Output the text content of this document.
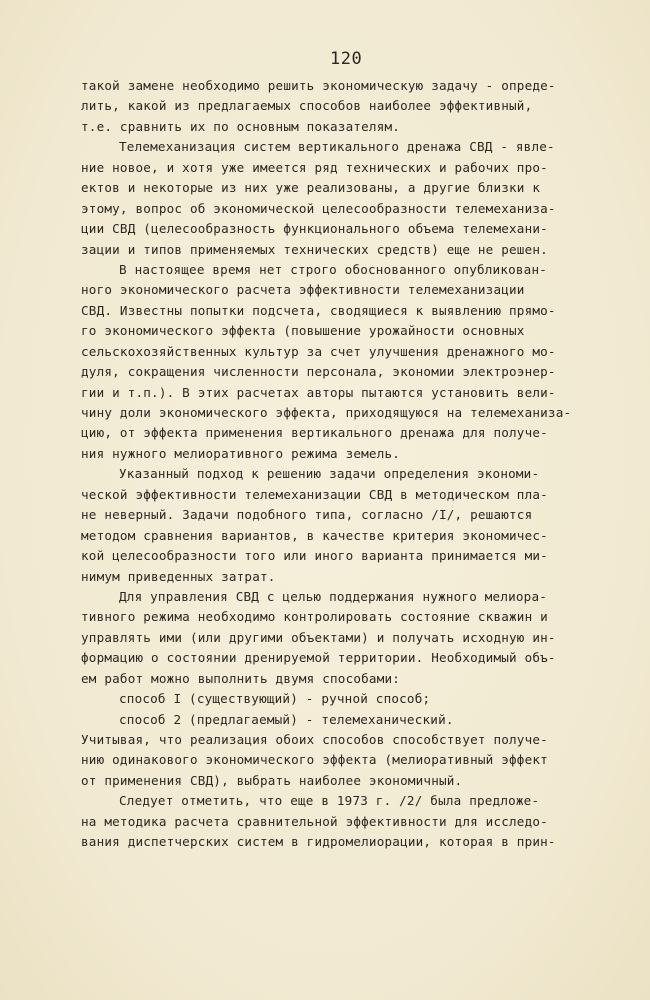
120
такой замене необходимо решить экономическую задачу - опреде-
лить, какой из предлагаемых способов наиболее эффективный,
т.е. сравнить их по основным показателям.
Телемеханизация систем вертикального дренажа СВД - явле-
ние новое, и хотя уже имеется ряд технических и рабочих про-
ектов и некоторые из них уже реализованы, а другие близки к
этому, вопрос об экономической целесообразности телемеханиза-
ции СВД (целесообразность функционального объема телемехани-
зации и типов применяемых технических средств) еще не решен.
В настоящее время нет строго обоснованного опубликован-
ного экономического расчета эффективности телемеханизации
СВД. Известны попытки подсчета, сводящиеся к выявлению прямо-
го экономического эффекта (повышение урожайности основных
сельскохозяйственных культур за счет улучшения дренажного мо-
дуля, сокращения численности персонала, экономии электроэнер-
гии и т.п.). В этих расчетах авторы пытаются установить вели-
чину доли экономического эффекта, приходящуюся на телемеханиза-
цию, от эффекта применения вертикального дренажа для получе-
ния нужного мелиоративного режима земель.
Указанный подход к решению задачи определения экономи-
ческой эффективности телемеханизации СВД в методическом пла-
не неверный. Задачи подобного типа, согласно /I/, решаются
методом сравнения вариантов, в качестве критерия экономичес-
кой целесообразности того или иного варианта принимается ми-
нимум приведенных затрат.
Для управления СВД с целью поддержания нужного мелиора-
тивного режима необходимо контролировать состояние скважин и
управлять ими (или другими объектами) и получать исходную ин-
формацию о состоянии дренируемой территории. Необходимый объ-
ем работ можно выполнить двумя способами:
способ I (существующий) - ручной способ;
способ 2 (предлагаемый) - телемеханический.
Учитывая, что реализация обоих способов способствует получе-
нию одинакового экономического эффекта (мелиоративный эффект
от применения СВД), выбрать наиболее экономичный.
Следует отметить, что еще в 1973 г. /2/ была предложе-
на методика расчета сравнительной эффективности для исследо-
вания диспетчерских систем в гидромелиорации, которая в прин-
